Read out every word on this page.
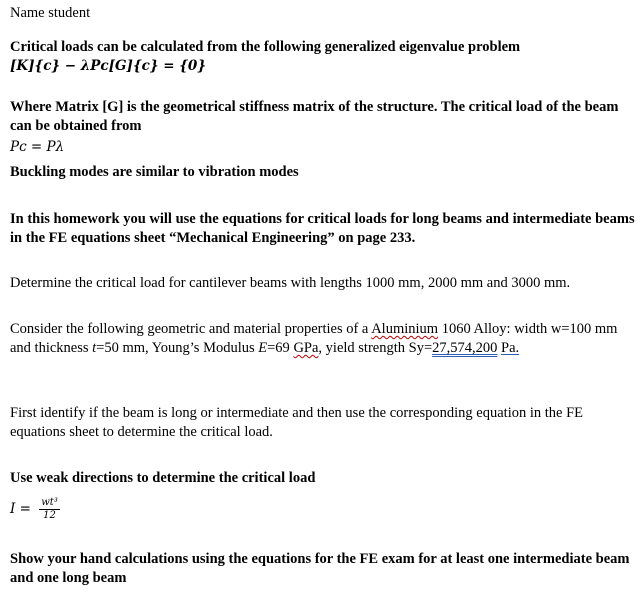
Name student
Critical loads can be calculated from the following generalized eigenvalue problem
[K]{c} − λPᴄ[G]{c} = {0}
Where Matrix [G] is the geometrical stiffness matrix of the structure. The critical load of the beam can be obtained from
Pᴄ = Pλ
Buckling modes are similar to vibration modes
In this homework you will use the equations for critical loads for long beams and intermediate beams in the FE equations sheet “Mechanical Engineering” on page 233.
Determine the critical load for cantilever beams with lengths 1000 mm, 2000 mm and 3000 mm.
Consider the following geometric and material properties of a Aluminium 1060 Alloy: width w=100 mm and thickness t=50 mm, Young’s Modulus E=69 GPa, yield strength Sy=27,574,200 Pa.
First identify if the beam is long or intermediate and then use the corresponding equation in the FE equations sheet to determine the critical load.
Use weak directions to determine the critical load
$I = \frac{\text{wt³}}{12}$
Show your hand calculations using the equations for the FE exam for at least one intermediate beam and one long beam
